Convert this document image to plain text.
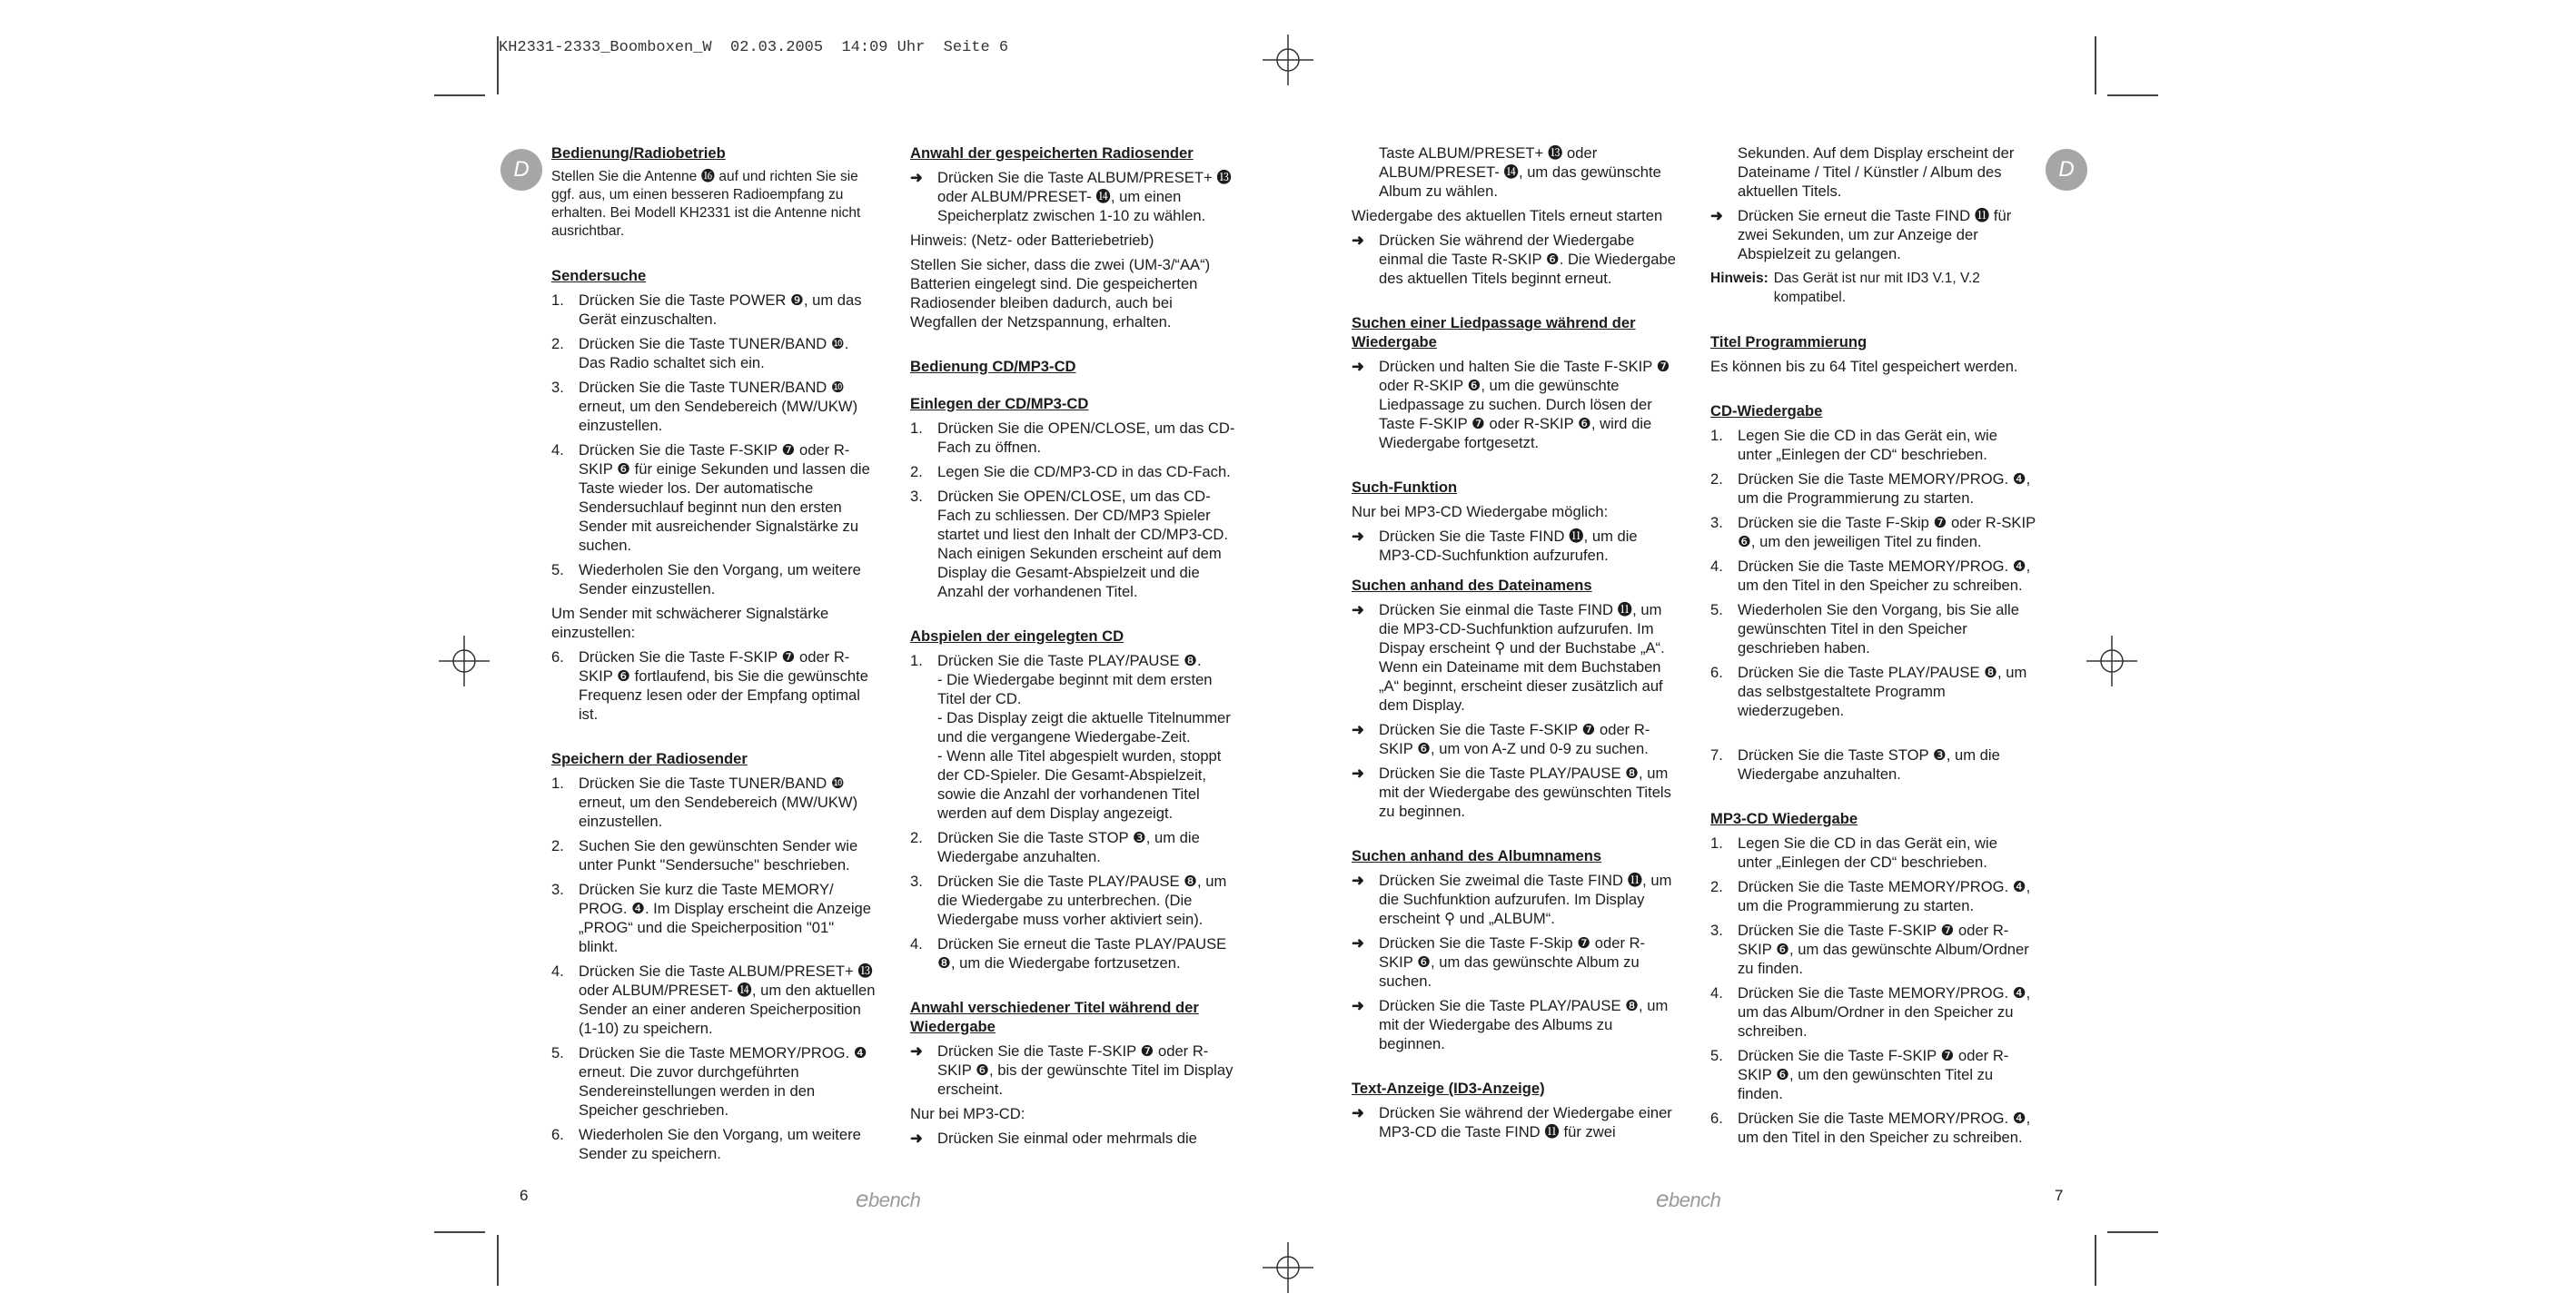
KH2331-2333_Boomboxen_W  02.03.2005  14:09 Uhr  Seite 6
D	D
Bedienung/Radiobetrieb

Stellen Sie die Antenne ⓰ auf und richten Sie sie ggf. aus, um einen besseren Radioempfang zu erhalten. Bei Modell KH2331 ist die Antenne nicht ausrichtbar.

Sendersuche
1. Drücken Sie die Taste POWER ❾, um das Gerät einzuschalten.
2. Drücken Sie die Taste TUNER/BAND ❿. Das Radio schaltet sich ein.
3. Drücken Sie die Taste TUNER/BAND ❿ erneut, um den Sendebereich (MW/UKW) einzustellen.
4. Drücken Sie die Taste F-SKIP ❼ oder R-SKIP ❻ für einige Sekunden und lassen die Taste wieder los. Der automatische Sendersuchlauf beginnt nun den ersten Sender mit ausreichender Signalstärke zu suchen.
5. Wiederholen Sie den Vorgang, um weitere Sender einzustellen.

Um Sender mit schwächerer Signalstärke einzustellen:

6. Drücken Sie die Taste F-SKIP ❼ oder R-SKIP ❻ fortlaufend, bis Sie die gewünschte Frequenz lesen oder der Empfang optimal ist.
Speichern der Radiosender
1. Drücken Sie die Taste TUNER/BAND ❿ erneut, um den Sendebereich (MW/UKW) einzustellen.
2. Suchen Sie den gewünschten Sender wie unter Punkt "Sendersuche" beschrieben.
3. Drücken Sie kurz die Taste MEMORY/ PROG. ❹. Im Display erscheint die Anzeige „PROG“ und die Speicherposition "01" blinkt.
4. Drücken Sie die Taste ALBUM/PRESET+ ⓭ oder ALBUM/PRESET- ⓮, um den aktuellen Sender an einer anderen Speicherposition (1-10) zu speichern.
5. Drücken Sie die Taste MEMORY/PROG. ❹ erneut. Die zuvor durchgeführten Sendereinstellungen werden in den Speicher geschrieben.
6. Wiederholen Sie den Vorgang, um weitere Sender zu speichern.
Anwahl der gespeicherten Radiosender
➜ Drücken Sie die Taste ALBUM/PRESET+ ⓭ oder ALBUM/PRESET- ⓮, um einen Speicherplatz zwischen 1-10 zu wählen.

Hinweis: (Netz- oder Batteriebetrieb)

Stellen Sie sicher, dass die zwei (UM-3/“AA“) Batterien eingelegt sind. Die gespeicherten Radiosender bleiben dadurch, auch bei Wegfallen der Netzspannung, erhalten.

Bedienung CD/MP3-CD
Einlegen der CD/MP3-CD
1. Drücken Sie die OPEN/CLOSE, um das CD-Fach zu öffnen.
2. Legen Sie die CD/MP3-CD in das CD-Fach.
3. Drücken Sie OPEN/CLOSE, um das CD-Fach zu schliessen. Der CD/MP3 Spieler startet und liest den Inhalt der CD/MP3-CD. Nach einigen Sekunden erscheint auf dem Display die Gesamt-Abspielzeit und die Anzahl der vorhandenen Titel.
Abspielen der eingelegten CD
1. Drücken Sie die Taste PLAY/PAUSE ❽.
- Die Wiedergabe beginnt mit dem ersten Titel der CD.
- Das Display zeigt die aktuelle Titelnummer und die vergangene Wiedergabe-Zeit.
- Wenn alle Titel abgespielt wurden, stoppt der CD-Spieler. Die Gesamt-Abspielzeit, sowie die Anzahl der vorhandenen Titel werden auf dem Display angezeigt.
2. Drücken Sie die Taste STOP ❸, um die Wiedergabe anzuhalten.
3. Drücken Sie die Taste PLAY/PAUSE ❽, um die Wiedergabe zu unterbrechen. (Die Wiedergabe muss vorher aktiviert sein).
4. Drücken Sie erneut die Taste PLAY/PAUSE ❽, um die Wiedergabe fortzusetzen.
Anwahl verschiedener Titel während der Wiedergabe
➜ Drücken Sie die Taste F-SKIP ❼ oder R-SKIP ❻, bis der gewünschte Titel im Display erscheint.

Nur bei MP3-CD:

➜ Drücken Sie einmal oder mehrmals die

Taste ALBUM/PRESET+ ⓭ oder ALBUM/PRESET- ⓮, um das gewünschte Album zu wählen.

Wiedergabe des aktuellen Titels erneut starten

➜ Drücken Sie während der Wiedergabe einmal die Taste R-SKIP ❻. Die Wiedergabe des aktuellen Titels beginnt erneut.
Suchen einer Liedpassage während der Wiedergabe
➜ Drücken und halten Sie die Taste F-SKIP ❼ oder R-SKIP ❻, um die gewünschte Liedpassage zu suchen. Durch lösen der Taste F-SKIP ❼ oder R-SKIP ❻, wird die Wiedergabe fortgesetzt.
Such-Funktion

Nur bei MP3-CD Wiedergabe möglich:

➜ Drücken Sie die Taste FIND ⓫, um die MP3-CD-Suchfunktion aufzurufen.
Suchen anhand des Dateinamens
➜ Drücken Sie einmal die Taste FIND ⓫, um die MP3-CD-Suchfunktion aufzurufen. Im Dispay erscheint ⚲ und der Buchstabe „A“. Wenn ein Dateiname mit dem Buchstaben „A“ beginnt, erscheint dieser zusätzlich auf dem Display.
➜ Drücken Sie die Taste F-SKIP ❼ oder R-SKIP ❻, um von A-Z und 0-9 zu suchen.
➜ Drücken Sie die Taste PLAY/PAUSE ❽, um mit der Wiedergabe des gewünschten Titels zu beginnen.
Suchen anhand des Albumnamens
➜ Drücken Sie zweimal die Taste FIND ⓫, um die Suchfunktion aufzurufen. Im Display erscheint ⚲ und „ALBUM“.
➜ Drücken Sie die Taste F-Skip ❼ oder R-SKIP ❻, um das gewünschte Album zu suchen.
➜ Drücken Sie die Taste PLAY/PAUSE ❽, um mit der Wiedergabe des Albums zu beginnen.
Text-Anzeige (ID3-Anzeige)
➜ Drücken Sie während der Wiedergabe einer MP3-CD die Taste FIND ⓫ für zwei

Sekunden. Auf dem Display erscheint der Dateiname / Titel / Künstler / Album des aktuellen Titels.

➜ Drücken Sie erneut die Taste FIND ⓫ für zwei Sekunden, um zur Anzeige der Abspielzeit zu gelangen.
Hinweis: Das Gerät ist nur mit ID3 V.1, V.2 kompatibel.
Titel Programmierung

Es können bis zu 64 Titel gespeichert werden.

CD-Wiedergabe
1. Legen Sie die CD in das Gerät ein, wie unter „Einlegen der CD“ beschrieben.
2. Drücken Sie die Taste MEMORY/PROG. ❹, um die Programmierung zu starten.
3. Drücken sie die Taste F-Skip ❼ oder R-SKIP ❻, um den jeweiligen Titel zu finden.
4. Drücken Sie die Taste MEMORY/PROG. ❹, um den Titel in den Speicher zu schreiben.
5. Wiederholen Sie den Vorgang, bis Sie alle gewünschten Titel in den Speicher geschrieben haben.
6. Drücken Sie die Taste PLAY/PAUSE ❽, um das selbstgestaltete Programm wiederzugeben.
7. Drücken Sie die Taste STOP ❸, um die Wiedergabe anzuhalten.
MP3-CD Wiedergabe
1. Legen Sie die CD in das Gerät ein, wie unter „Einlegen der CD“ beschrieben.
2. Drücken Sie die Taste MEMORY/PROG. ❹, um die Programmierung zu starten.
3. Drücken Sie die Taste F-SKIP ❼ oder R-SKIP ❻, um das gewünschte Album/Ordner zu finden.
4. Drücken Sie die Taste MEMORY/PROG. ❹, um das Album/Ordner in den Speicher zu schreiben.
5. Drücken Sie die Taste F-SKIP ❼ oder R-SKIP ❻, um den gewünschten Titel zu finden.
6. Drücken Sie die Taste MEMORY/PROG. ❹, um den Titel in den Speicher zu schreiben.
6	7
ebench	ebench
